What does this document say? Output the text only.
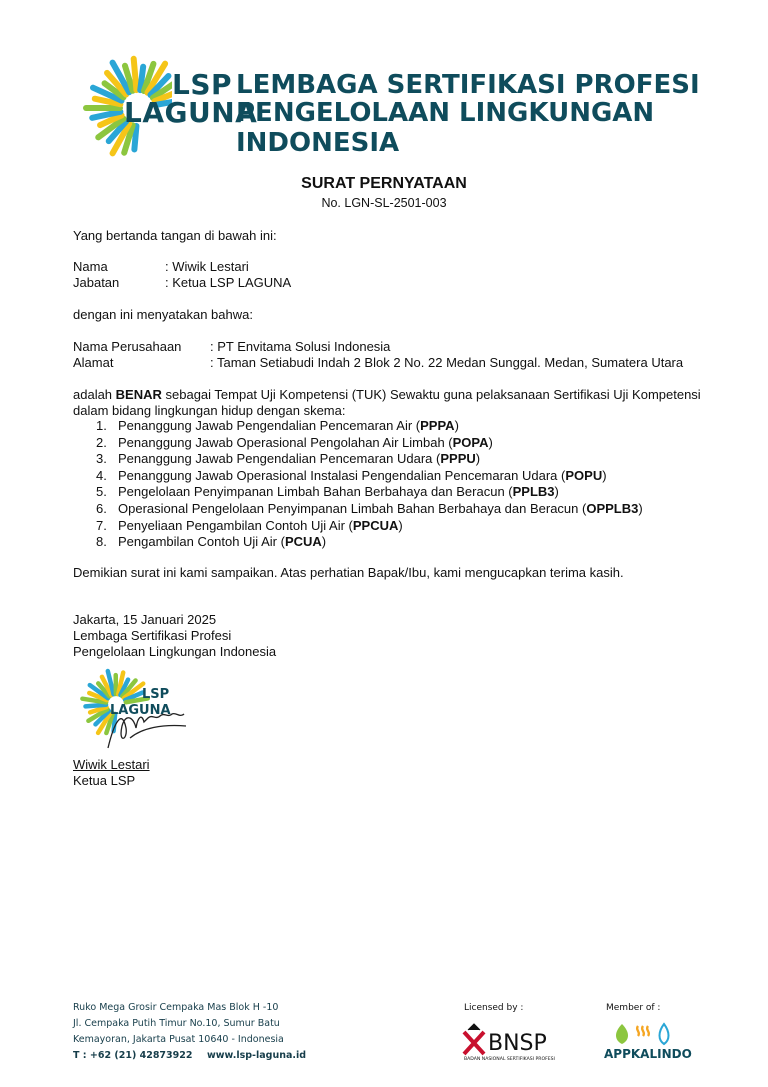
LSP
LAGUNA
LEMBAGA SERTIFIKASI PROFESI
PENGELOLAAN LINGKUNGAN INDONESIA
SURAT PERNYATAAN
No. LGN-SL-2501-003
Yang bertanda tangan di bawah ini:
Nama	: Wiwik Lestari
Jabatan	: Ketua LSP LAGUNA
dengan ini menyatakan bahwa:
Nama Perusahaan : PT Envitama Solusi Indonesia
Alamat	: Taman Setiabudi Indah 2 Blok 2 No. 22 Medan Sunggal. Medan, Sumatera Utara
adalah BENAR sebagai Tempat Uji Kompetensi (TUK) Sewaktu guna pelaksanaan Sertifikasi Uji Kompetensi
dalam bidang lingkungan hidup dengan skema:
1. Penanggung Jawab Pengendalian Pencemaran Air (PPPA)
2. Penanggung Jawab Operasional Pengolahan Air Limbah (POPA)
3. Penanggung Jawab Pengendalian Pencemaran Udara (PPPU)
4. Penanggung Jawab Operasional Instalasi Pengendalian Pencemaran Udara (POPU)
5. Pengelolaan Penyimpanan Limbah Bahan Berbahaya dan Beracun (PPLB3)
6. Operasional Pengelolaan Penyimpanan Limbah Bahan Berbahaya dan Beracun (OPPLB3)
7. Penyeliaan Pengambilan Contoh Uji Air (PPCUA)
8. Pengambilan Contoh Uji Air (PCUA)
Demikian surat ini kami sampaikan. Atas perhatian Bapak/Ibu, kami mengucapkan terima kasih.
Jakarta, 15 Januari 2025
Lembaga Sertifikasi Profesi
Pengelolaan Lingkungan Indonesia
LSP
LAGUNA
Wiwik Lestari
Ketua LSP
Ruko Mega Grosir Cempaka Mas Blok H -10
Jl. Cempaka Putih Timur No.10, Sumur Batu
Kemayoran, Jakarta Pusat 10640 - Indonesia
T : +62 (21) 42873922 www.lsp-laguna.id
Licensed by :
BNSP
BADAN NASIONAL SERTIFIKASI PROFESI
Member of :
APPKALINDO
